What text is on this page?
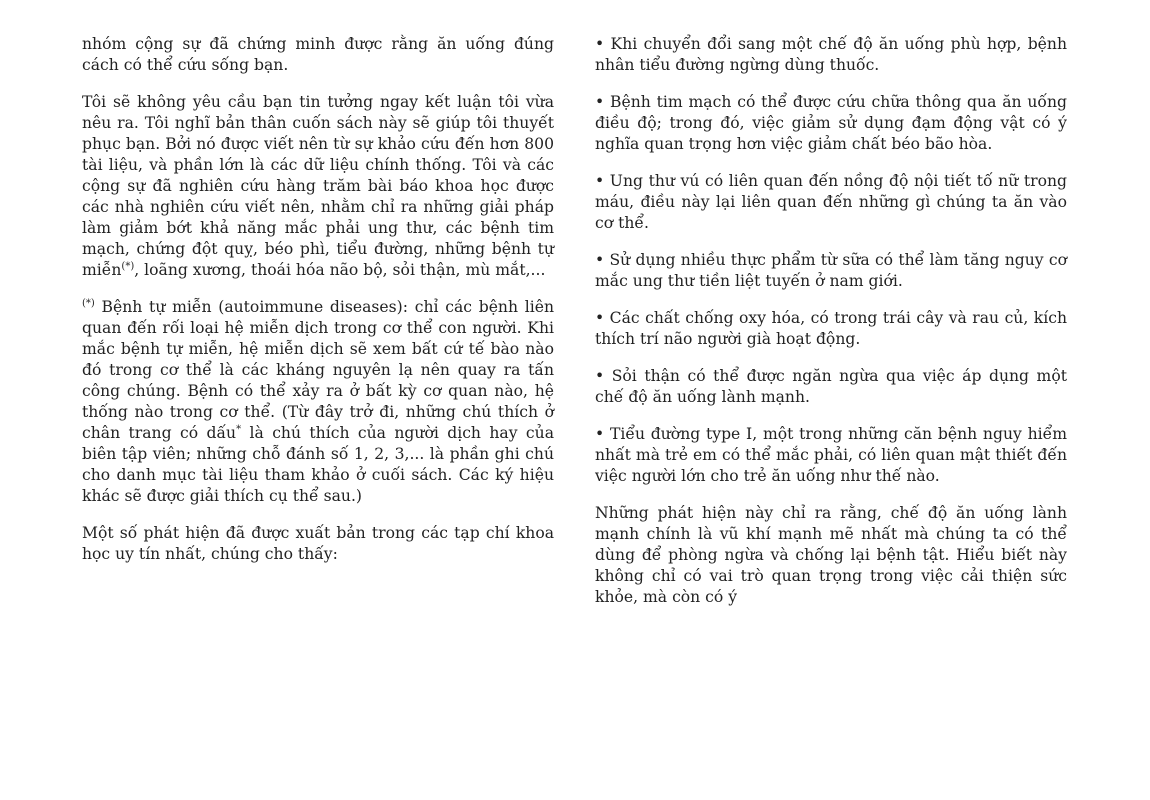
nhóm cộng sự đã chứng minh được rằng ăn uống đúng cách có thể cứu sống bạn.

Tôi sẽ không yêu cầu bạn tin tưởng ngay kết luận tôi vừa nêu ra. Tôi nghĩ bản thân cuốn sách này sẽ giúp tôi thuyết phục bạn. Bởi nó được viết nên từ sự khảo cứu đến hơn 800 tài liệu, và phần lớn là các dữ liệu chính thống. Tôi và các cộng sự đã nghiên cứu hàng trăm bài báo khoa học được các nhà nghiên cứu viết nên, nhằm chỉ ra những giải pháp làm giảm bớt khả năng mắc phải ung thư, các bệnh tim mạch, chứng đột quỵ, béo phì, tiểu đường, những bệnh tự miễn(*), loãng xương, thoái hóa não bộ, sỏi thận, mù mắt,...

(*) Bệnh tự miễn (autoimmune diseases): chỉ các bệnh liên quan đến rối loại hệ miễn dịch trong cơ thể con người. Khi mắc bệnh tự miễn, hệ miễn dịch sẽ xem bất cứ tế bào nào đó trong cơ thể là các kháng nguyên lạ nên quay ra tấn công chúng. Bệnh có thể xảy ra ở bất kỳ cơ quan nào, hệ thống nào trong cơ thể. (Từ đây trở đi, những chú thích ở chân trang có dấu* là chú thích của người dịch hay của biên tập viên; những chỗ đánh số 1, 2, 3,... là phần ghi chú cho danh mục tài liệu tham khảo ở cuối sách. Các ký hiệu khác sẽ được giải thích cụ thể sau.)

Một số phát hiện đã được xuất bản trong các tạp chí khoa học uy tín nhất, chúng cho thấy:

• Khi chuyển đổi sang một chế độ ăn uống phù hợp, bệnh nhân tiểu đường ngừng dùng thuốc.

• Bệnh tim mạch có thể được cứu chữa thông qua ăn uống điều độ; trong đó, việc giảm sử dụng đạm động vật có ý nghĩa quan trọng hơn việc giảm chất béo bão hòa.

• Ung thư vú có liên quan đến nồng độ nội tiết tố nữ trong máu, điều này lại liên quan đến những gì chúng ta ăn vào cơ thể.

• Sử dụng nhiều thực phẩm từ sữa có thể làm tăng nguy cơ mắc ung thư tiền liệt tuyến ở nam giới.

• Các chất chống oxy hóa, có trong trái cây và rau củ, kích thích trí não người già hoạt động.

• Sỏi thận có thể được ngăn ngừa qua việc áp dụng một chế độ ăn uống lành mạnh.

• Tiểu đường type I, một trong những căn bệnh nguy hiểm nhất mà trẻ em có thể mắc phải, có liên quan mật thiết đến việc người lớn cho trẻ ăn uống như thế nào.

Những phát hiện này chỉ ra rằng, chế độ ăn uống lành mạnh chính là vũ khí mạnh mẽ nhất mà chúng ta có thể dùng để phòng ngừa và chống lại bệnh tật. Hiểu biết này không chỉ có vai trò quan trọng trong việc cải thiện sức khỏe, mà còn có ý
